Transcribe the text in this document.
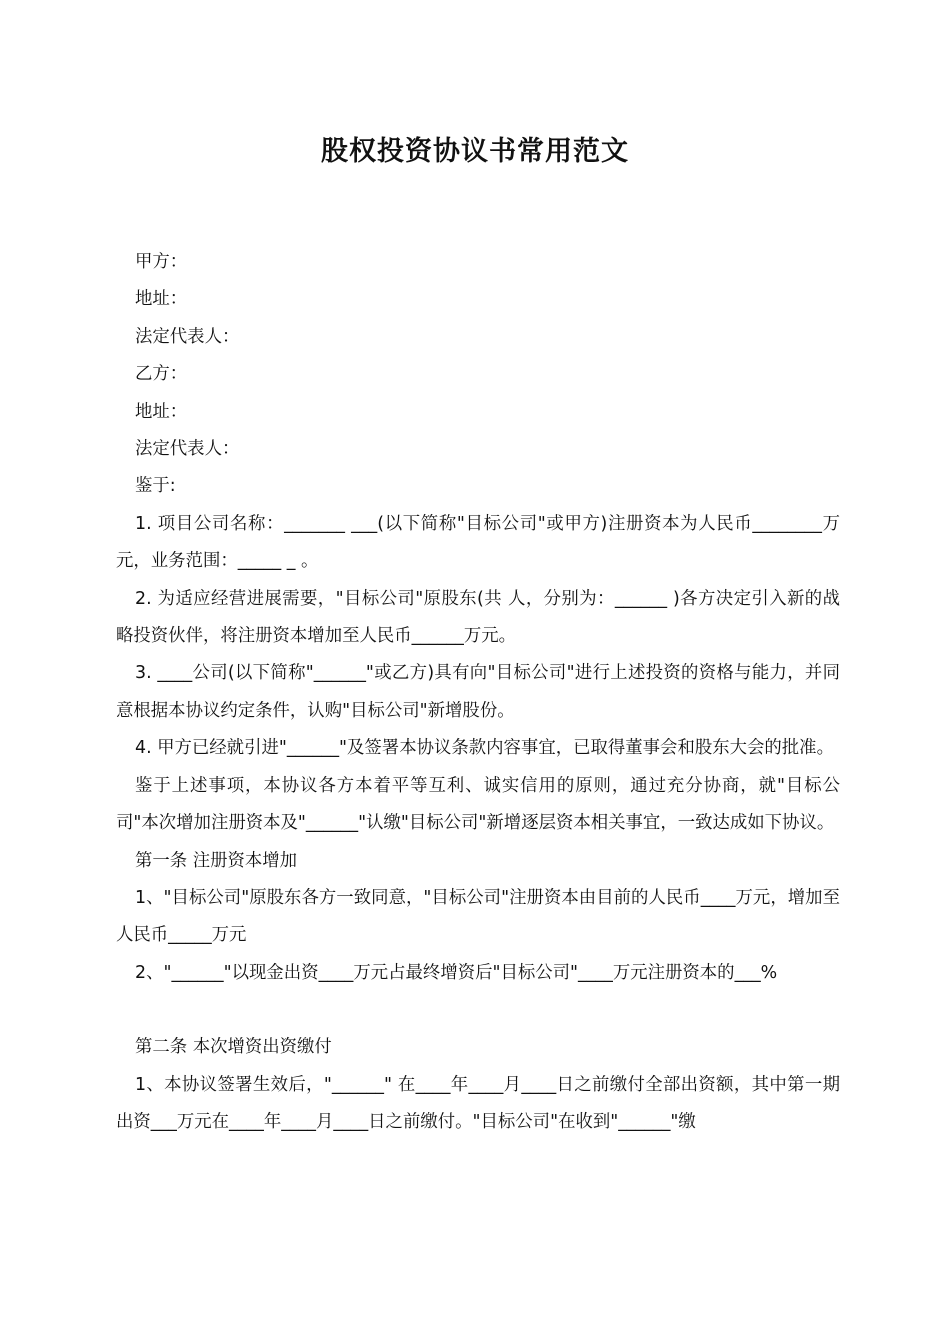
股权投资协议书常用范文

甲方：

地址：

法定代表人：

乙方：

地址：

法定代表人：

鉴于:

1. 项目公司名称：_______ ___(以下简称"目标公司"或甲方)注册资本为人民币________万元，业务范围：_____ _ 。

2. 为适应经营进展需要，"目标公司"原股东(共 人，分别为：______ )各方决定引入新的战略投资伙伴，将注册资本增加至人民币______万元。

3. ____公司(以下简称"______"或乙方)具有向"目标公司"进行上述投资的资格与能力，并同意根据本协议约定条件，认购"目标公司"新增股份。

4. 甲方已经就引进"______"及签署本协议条款内容事宜，已取得董事会和股东大会的批准。

鉴于上述事项，本协议各方本着平等互利、诚实信用的原则，通过充分协商，就"目标公司"本次增加注册资本及"______"认缴"目标公司"新增逐层资本相关事宜，一致达成如下协议。

第一条 注册资本增加

1、"目标公司"原股东各方一致同意，"目标公司"注册资本由目前的人民币____万元，增加至人民币_____万元

2、"______"以现金出资____万元占最终增资后"目标公司"____万元注册资本的___%

第二条 本次增资出资缴付

1、本协议签署生效后，"______" 在____年____月____日之前缴付全部出资额，其中第一期出资___万元在____年____月____日之前缴付。"目标公司"在收到"______"缴
